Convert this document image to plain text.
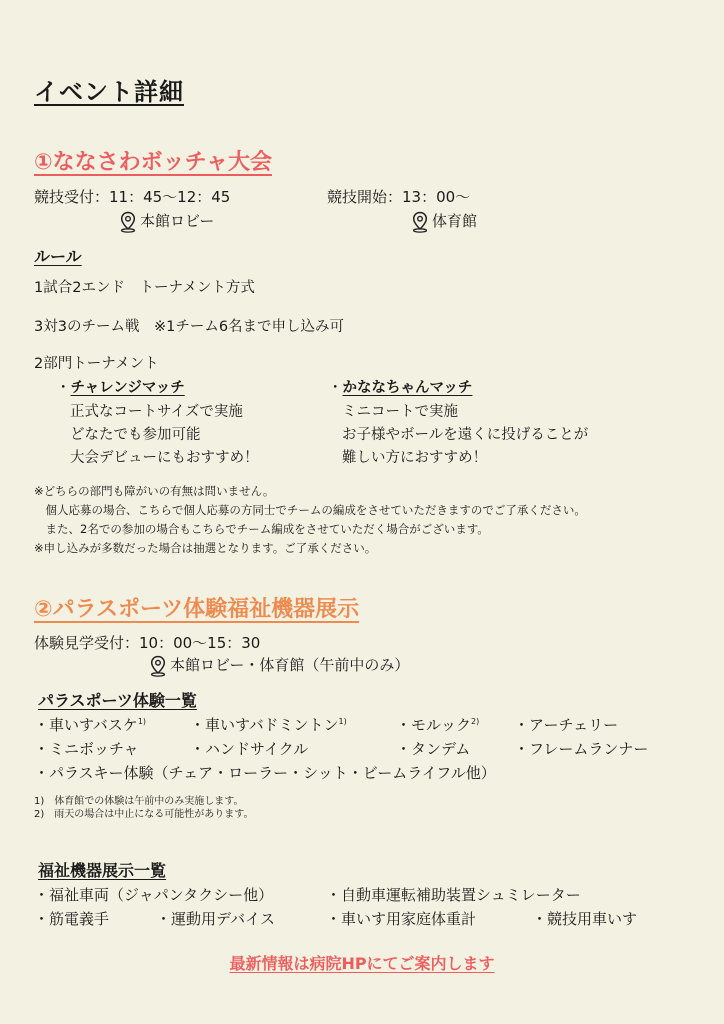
イベント詳細
①ななさわボッチャ大会
競技受付：11：45〜12：45	競技開始：13：00〜
本館ロビー	体育館
ルール
1試合2エンド　トーナメント方式
3対3のチーム戦　※1チーム6名まで申し込み可
2部門トーナメント
・チャレンジマッチ
正式なコートサイズで実施
どなたでも参加可能
大会デビューにもおすすめ！
・かななちゃんマッチ
ミニコートで実施
お子様やボールを遠くに投げることが
難しい方におすすめ！
※どちらの部門も障がいの有無は問いません。
　個人応募の場合、こちらで個人応募の方同士でチームの編成をさせていただきますのでご了承ください。
　また、2名での参加の場合もこちらでチーム編成をさせていただく場合がございます。
※申し込みが多数だった場合は抽選となります。ご了承ください。
②パラスポーツ体験福祉機器展示
体験見学受付：10：00〜15：30
本館ロビー・体育館（午前中のみ）
パラスポーツ体験一覧
・車いすバスケ$^{1)}$	・車いすバドミントン$^{1)}$	・モルック$^{2)}$ ・アーチェリー
・ミニボッチャ	・ハンドサイクル	・タンデム	・フレームランナー
・パラスキー体験（チェア・ローラー・シット・ビームライフル他）
1)　体育館での体験は午前中のみ実施します。
2)　雨天の場合は中止になる可能性があります。
福祉機器展示一覧
・福祉車両（ジャパンタクシー他）	・自動車運転補助装置シュミレーター
・筋電義手	・運動用デバイス	・車いす用家庭体重計	・競技用車いす
最新情報は病院HPにてご案内します
